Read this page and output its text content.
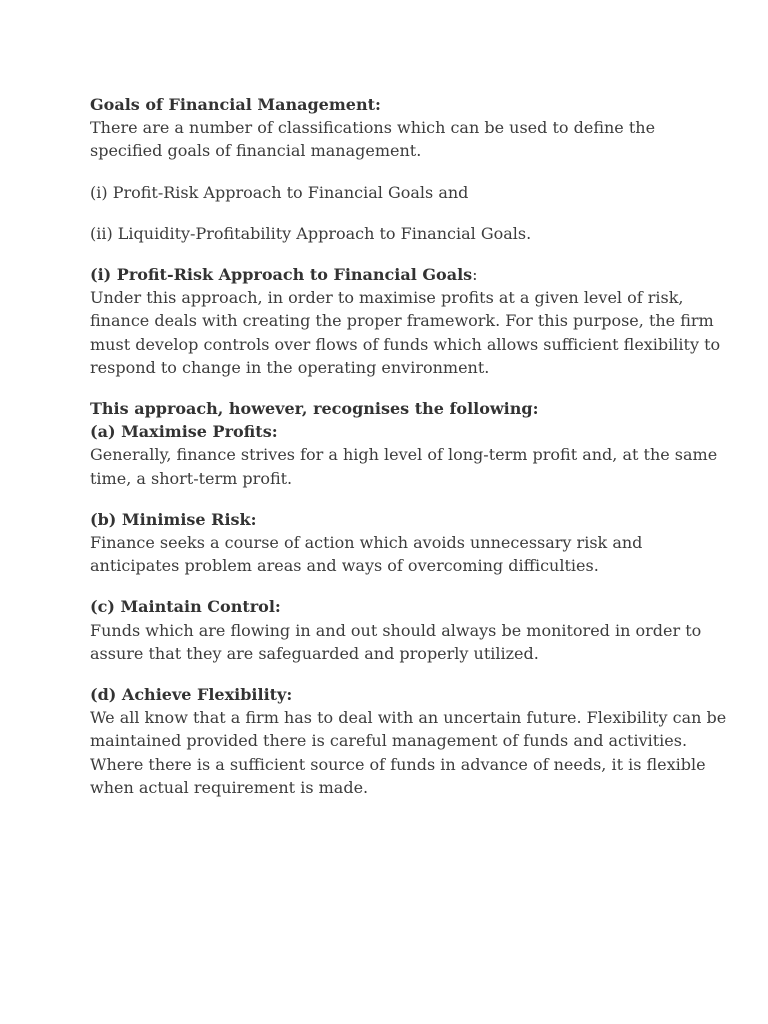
Goals of Financial Management:
There are a number of classifications which can be used to define the specified goals of financial management.
(i) Profit-Risk Approach to Financial Goals and
(ii) Liquidity-Profitability Approach to Financial Goals.
(i) Profit-Risk Approach to Financial Goals:
Under this approach, in order to maximise profits at a given level of risk, finance deals with creating the proper framework. For this purpose, the firm must develop controls over flows of funds which allows sufficient flexibility to respond to change in the operating environment.
This approach, however, recognises the following:
(a) Maximise Profits:
Generally, finance strives for a high level of long-term profit and, at the same time, a short-term profit.
(b) Minimise Risk:
Finance seeks a course of action which avoids unnecessary risk and anticipates problem areas and ways of overcoming difficulties.
(c) Maintain Control:
Funds which are flowing in and out should always be monitored in order to assure that they are safeguarded and properly utilized.
(d) Achieve Flexibility:
We all know that a firm has to deal with an uncertain future. Flexibility can be maintained provided there is careful management of funds and activities. Where there is a sufficient source of funds in advance of needs, it is flexible when actual requirement is made.
